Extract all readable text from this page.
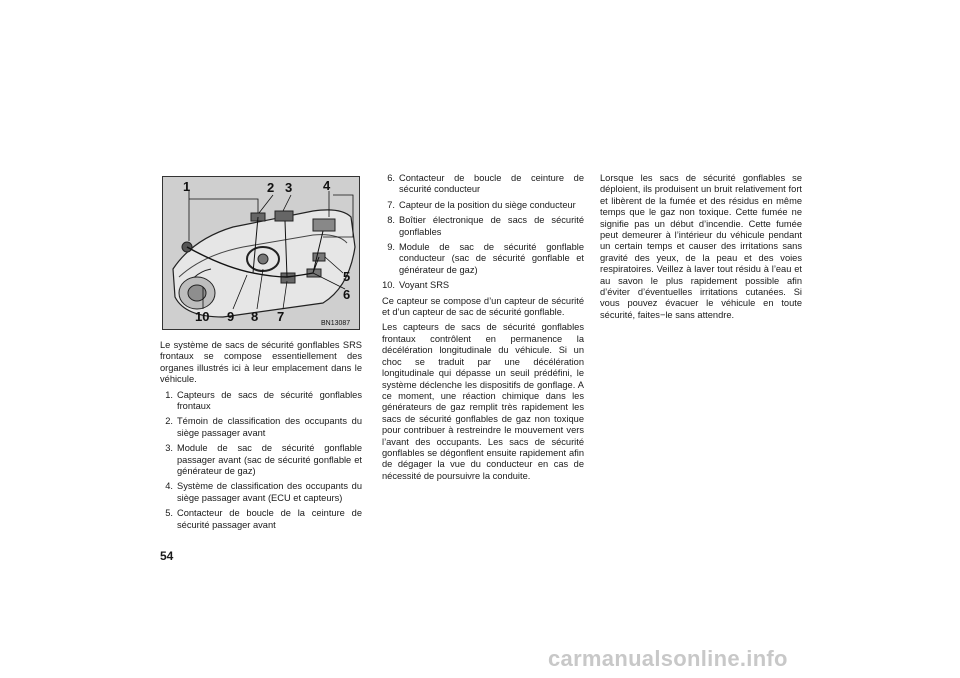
1	2 3 4
5
6
7
8
9
10	BN13087

Le système de sacs de sécurité gonflables SRS frontaux se compose essentiellement des organes illustrés ici à leur emplacement dans le véhicule.

1. Capteurs de sacs de sécurité gonflables frontaux
2. Témoin de classification des occupants du siège passager avant
3. Module de sac de sécurité gonflable passager avant (sac de sécurité gonflable et générateur de gaz)
4. Système de classification des occupants du siège passager avant (ECU et capteurs)
5. Contacteur de boucle de la ceinture de sécurité passager avant
6. Contacteur de boucle de ceinture de sécurité conducteur
7. Capteur de la position du siège conducteur
8. Boîtier électronique de sacs de sécurité gonflables
9. Module de sac de sécurité gonflable conducteur (sac de sécurité gonflable et générateur de gaz)
10. Voyant SRS

Ce capteur se compose d’un capteur de sécurité et d’un capteur de sac de sécurité gonflable.

Les capteurs de sacs de sécurité gonflables frontaux contrôlent en permanence la décélération longitudinale du véhicule. Si un choc se traduit par une décélération longitudinale qui dépasse un seuil prédéfini, le système déclenche les dispositifs de gonflage. A ce moment, une réaction chimique dans les générateurs de gaz remplit très rapidement les sacs de sécurité gonflables de gaz non toxique pour contribuer à restreindre le mouvement vers l’avant des occupants. Les sacs de sécurité gonflables se dégonflent ensuite rapidement afin de dégager la vue du conducteur en cas de nécessité de poursuivre la conduite.

Lorsque les sacs de sécurité gonflables se déploient, ils produisent un bruit relativement fort et libèrent de la fumée et des résidus en même temps que le gaz non toxique. Cette fumée ne signifie pas un début d’incendie. Cette fumée peut demeurer à l’intérieur du véhicule pendant un certain temps et causer des irritations sans gravité des yeux, de la peau et des voies respiratoires. Veillez à laver tout résidu à l’eau et au savon le plus rapidement possible afin d’éviter d’éventuelles irritations cutanées. Si vous pouvez évacuer le véhicule en toute sécurité, faites−le sans attendre.

54
carmanualsonline.info
